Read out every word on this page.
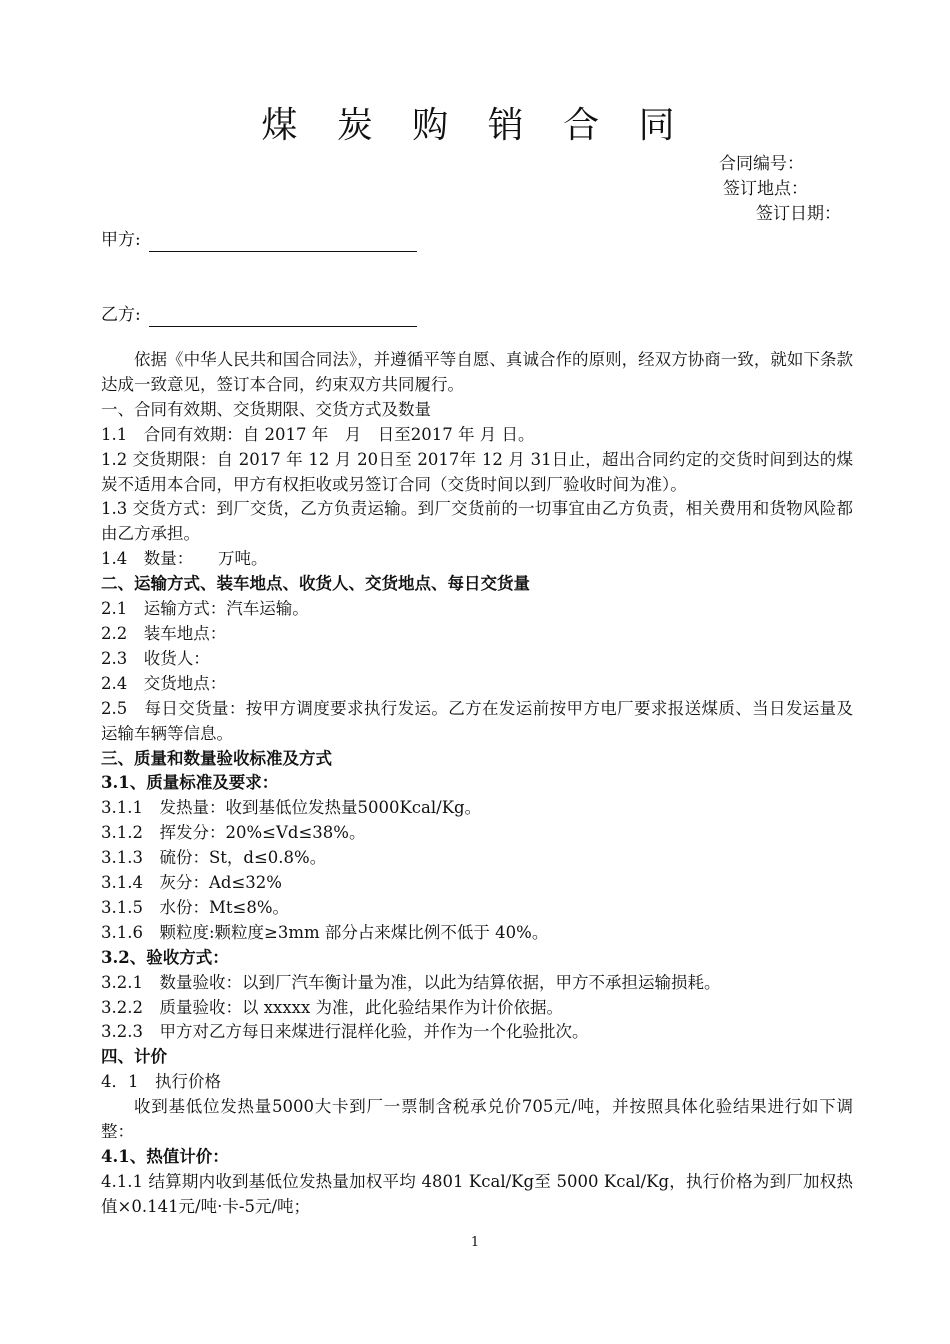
煤 炭 购 销 合 同
合同编号：
签订地点：
签订日期：
甲方:
乙方:

依据《中华人民共和国合同法》，并遵循平等自愿、真诚合作的原则，经双方协商一致，就如下条款达成一致意见，签订本合同，约束双方共同履行。

一、合同有效期、交货期限、交货方式及数量

1.1　合同有效期：自 2017 年　月　日至2017 年 月 日。

1.2 交货期限：自 2017 年 12 月 20日至 2017年 12 月 31日止，超出合同约定的交货时间到达的煤炭不适用本合同，甲方有权拒收或另签订合同（交货时间以到厂验收时间为准）。

1.3 交货方式：到厂交货，乙方负责运输。到厂交货前的一切事宜由乙方负责，相关费用和货物风险都由乙方承担。

1.4　数量：　　万吨。

二、运输方式、装车地点、收货人、交货地点、每日交货量

2.1　运输方式：汽车运输。

2.2　装车地点：

2.3　收货人：

2.4　交货地点：

2.5　每日交货量：按甲方调度要求执行发运。乙方在发运前按甲方电厂要求报送煤质、当日发运量及运输车辆等信息。

三、质量和数量验收标准及方式

3.1、质量标准及要求：

3.1.1　发热量：收到基低位发热量5000Kcal/Kg。

3.1.2　挥发分：20%≤Vd≤38%。

3.1.3　硫份：St，d≤0.8%。

3.1.4　灰分：Ad≤32%

3.1.5　水份：Mt≤8%。

3.1.6　颗粒度:颗粒度≥3mm 部分占来煤比例不低于 40%。

3.2、验收方式：

3.2.1　数量验收：以到厂汽车衡计量为准，以此为结算依据，甲方不承担运输损耗。

3.2.2　质量验收：以 xxxxx 为准，此化验结果作为计价依据。

3.2.3　甲方对乙方每日来煤进行混样化验，并作为一个化验批次。

四、计价

4．1　执行价格

收到基低位发热量5000大卡到厂一票制含税承兑价705元/吨，并按照具体化验结果进行如下调整：

4.1、热值计价：

4.1.1 结算期内收到基低位发热量加权平均 4801 Kcal/Kg至 5000 Kcal/Kg，执行价格为到厂加权热值×0.141元/吨·卡-5元/吨；

1
